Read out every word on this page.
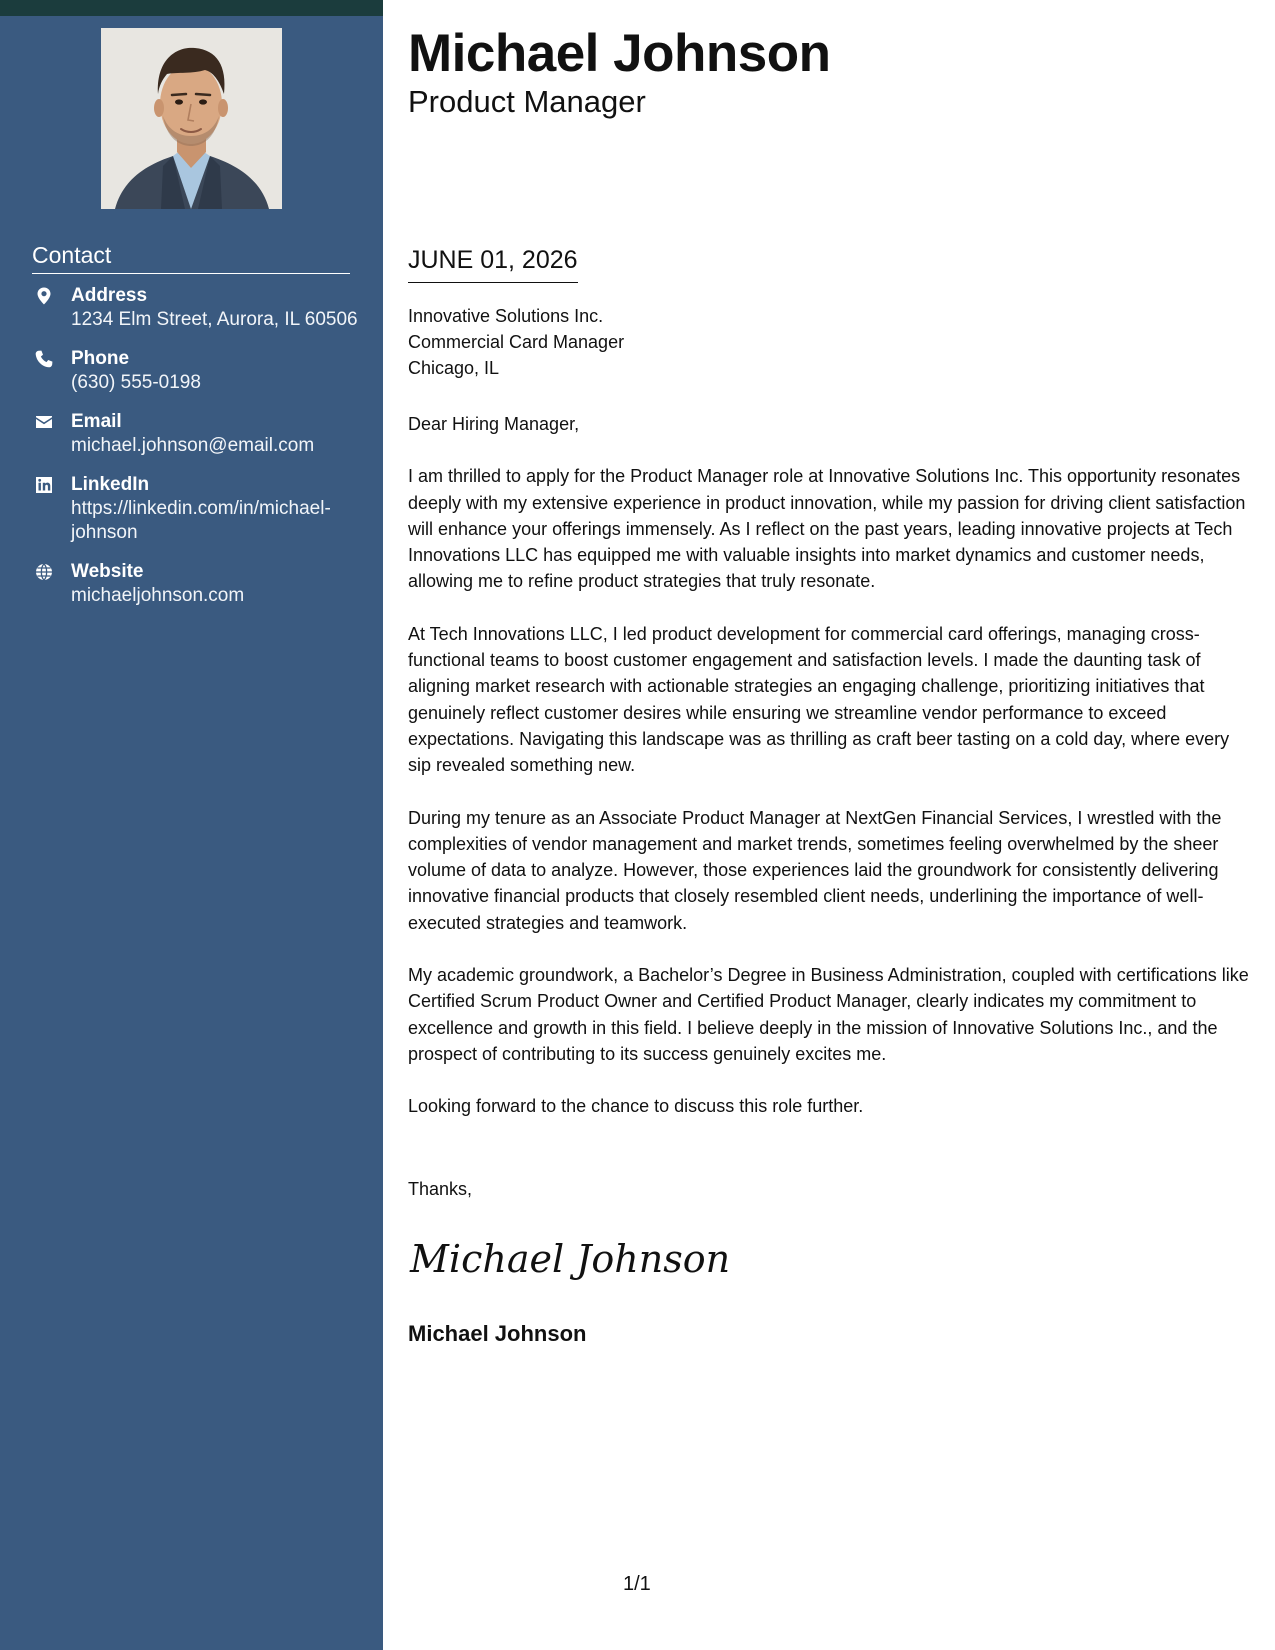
Contact
Address
1234 Elm Street, Aurora, IL 60506
Phone
(630) 555-0198
Email
michael.johnson@email.com
LinkedIn
https://linkedin.com/in/michael-johnson
Website
michaeljohnson.com
Michael Johnson
Product Manager
JUNE 01, 2026
Innovative Solutions Inc.
Commercial Card Manager
Chicago, IL

Dear Hiring Manager,

I am thrilled to apply for the Product Manager role at Innovative Solutions Inc. This opportunity resonates deeply with my extensive experience in product innovation, while my passion for driving client satisfaction will enhance your offerings immensely. As I reflect on the past years, leading innovative projects at Tech Innovations LLC has equipped me with valuable insights into market dynamics and customer needs, allowing me to refine product strategies that truly resonate.

At Tech Innovations LLC, I led product development for commercial card offerings, managing cross-functional teams to boost customer engagement and satisfaction levels. I made the daunting task of aligning market research with actionable strategies an engaging challenge, prioritizing initiatives that genuinely reflect customer desires while ensuring we streamline vendor performance to exceed expectations. Navigating this landscape was as thrilling as craft beer tasting on a cold day, where every sip revealed something new.

During my tenure as an Associate Product Manager at NextGen Financial Services, I wrestled with the complexities of vendor management and market trends, sometimes feeling overwhelmed by the sheer volume of data to analyze. However, those experiences laid the groundwork for consistently delivering innovative financial products that closely resembled client needs, underlining the importance of well-executed strategies and teamwork.

My academic groundwork, a Bachelor’s Degree in Business Administration, coupled with certifications like Certified Scrum Product Owner and Certified Product Manager, clearly indicates my commitment to excellence and growth in this field. I believe deeply in the mission of Innovative Solutions Inc., and the prospect of contributing to its success genuinely excites me.

Looking forward to the chance to discuss this role further.

Thanks,
Michael Johnson
Michael Johnson
1/1
